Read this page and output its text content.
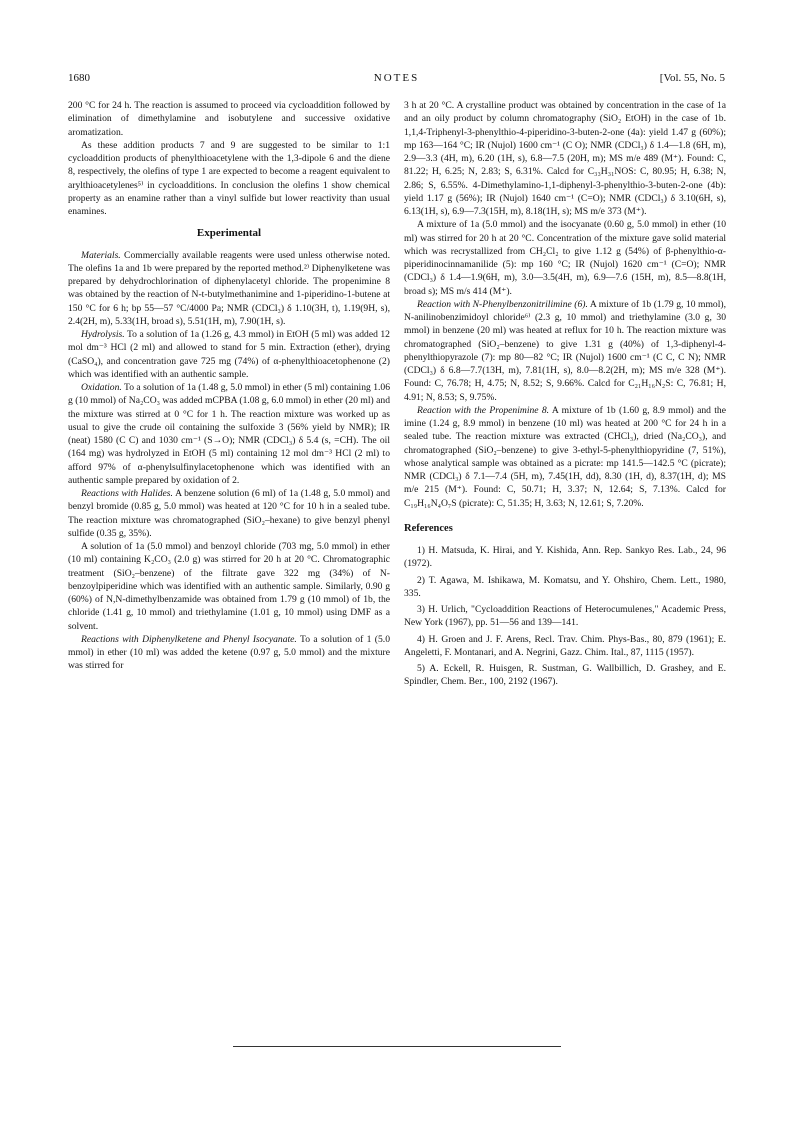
1680	NOTES	[Vol. 55, No. 5

200 °C for 24 h. The reaction is assumed to proceed via cycloaddition followed by elimination of dimethylamine and isobutylene and successive oxidative aromatization.

As these addition products 7 and 9 are suggested to be similar to 1:1 cycloaddition products of phenylthioacetylene with the 1,3-dipole 6 and the diene 8, respectively, the olefins of type 1 are expected to become a reagent equivalent to arylthioacetylenes⁵⁾ in cycloadditions. In conclusion the olefins 1 show chemical property as an enamine rather than a vinyl sulfide but lower reactivity than usual enamines.

Experimental

Materials. Commercially available reagents were used unless otherwise noted. The olefins 1a and 1b were prepared by the reported method.²⁾ Diphenylketene was prepared by dehydrochlorination of diphenylacetyl chloride. The propeniminе 8 was obtained by the reaction of N-t-butylmethanimine and 1-piperidino-1-butene at 150 °C for 6 h; bp 55—57 °C/4000 Pa; NMR (CDCl₃) δ 1.10(3H, t), 1.19(9H, s), 2.4(2H, m), 5.33(1H, broad s), 5.51(1H, m), 7.90(1H, s).

Hydrolysis. To a solution of 1a (1.26 g, 4.3 mmol) in EtOH (5 ml) was added 12 mol dm⁻³ HCl (2 ml) and allowed to stand for 5 min. Extraction (ether), drying (CaSO₄), and concentration gave 725 mg (74%) of α-phenylthioacetophenone (2) which was identified with an authentic sample.

Oxidation. To a solution of 1a (1.48 g, 5.0 mmol) in ether (5 ml) containing 1.06 g (10 mmol) of Na₂CO₃ was added mCPBA (1.08 g, 6.0 mmol) in ether (20 ml) and the mixture was stirred at 0 °C for 1 h. The reaction mixture was worked up as usual to give the crude oil containing the sulfoxide 3 (56% yield by NMR); IR (neat) 1580 (C C) and 1030 cm⁻¹ (S→O); NMR (CDCl₃) δ 5.4 (s, =CH). The oil (164 mg) was hydrolyzed in EtOH (5 ml) containing 12 mol dm⁻³ HCl (2 ml) to afford 97% of α-phenylsulfinylacetophenone which was identified with an authentic sample prepared by oxidation of 2.

Reactions with Halides. A benzene solution (6 ml) of 1a (1.48 g, 5.0 mmol) and benzyl bromide (0.85 g, 5.0 mmol) was heated at 120 °C for 10 h in a sealed tube. The reaction mixture was chromatographed (SiO₂–hexane) to give benzyl phenyl sulfide (0.35 g, 35%).

A solution of 1a (5.0 mmol) and benzoyl chloride (703 mg, 5.0 mmol) in ether (10 ml) containing K₂CO₃ (2.0 g) was stirred for 20 h at 20 °C. Chromatographic treatment (SiO₂–benzene) of the filtrate gave 322 mg (34%) of N-benzoylpiperidine which was identified with an authentic sample. Similarly, 0.90 g (60%) of N,N-dimethylbenzamide was obtained from 1.79 g (10 mmol) of 1b, the chloride (1.41 g, 10 mmol) and triethylamine (1.01 g, 10 mmol) using DMF as a solvent.

Reactions with Diphenylketene and Phenyl Isocyanate. To a solution of 1 (5.0 mmol) in ether (10 ml) was added the ketene (0.97 g, 5.0 mmol) and the mixture was stirred for

3 h at 20 °C. A crystalline product was obtained by concentration in the case of 1a and an oily product by column chromatography (SiO₂ EtOH) in the case of 1b. 1,1,4-Triphenyl-3-phenylthio-4-piperidino-3-buten-2-one (4a): yield 1.47 g (60%); mp 163—164 °C; IR (Nujol) 1600 cm⁻¹ (C O); NMR (CDCl₃) δ 1.4—1.8 (6H, m), 2.9—3.3 (4H, m), 6.20 (1H, s), 6.8—7.5 (20H, m); MS m/e 489 (M⁺). Found: C, 81.22; H, 6.25; N, 2.83; S, 6.31%. Calcd for C₃₃H₃₁NOS: C, 80.95; H, 6.38; N, 2.86; S, 6.55%. 4-Dimethylamino-1,1-diphenyl-3-phenylthio-3-buten-2-one (4b): yield 1.17 g (56%); IR (Nujol) 1640 cm⁻¹ (C=O); NMR (CDCl₃) δ 3.10(6H, s), 6.13(1H, s), 6.9—7.3(15H, m), 8.18(1H, s); MS m/e 373 (M⁺).

A mixture of 1a (5.0 mmol) and the isocyanate (0.60 g, 5.0 mmol) in ether (10 ml) was stirred for 20 h at 20 °C. Concentration of the mixture gave solid material which was recrystallized from CH₂Cl₂ to give 1.12 g (54%) of β-phenylthio-α-piperidinocinnamanilide (5): mp 160 °C; IR (Nujol) 1620 cm⁻¹ (C=O); NMR (CDCl₃) δ 1.4—1.9(6H, m), 3.0—3.5(4H, m), 6.9—7.6 (15H, m), 8.5—8.8(1H, broad s); MS m/s 414 (M⁺).

Reaction with N-Phenylbenzonitrilimine (6). A mixture of 1b (1.79 g, 10 mmol), N-anilinobenzimidoyl chloride⁶⁾ (2.3 g, 10 mmol) and triethylamine (3.0 g, 30 mmol) in benzene (20 ml) was heated at reflux for 10 h. The reaction mixture was chromatographed (SiO₂–benzene) to give 1.31 g (40%) of 1,3-diphenyl-4-phenylthiopyrazole (7): mp 80—82 °C; IR (Nujol) 1600 cm⁻¹ (C C, C N); NMR (CDCl₃) δ 6.8—7.7(13H, m), 7.81(1H, s), 8.0—8.2(2H, m); MS m/e 328 (M⁺). Found: C, 76.78; H, 4.75; N, 8.52; S, 9.66%. Calcd for C₂₁H₁₆N₂S: C, 76.81; H, 4.91; N, 8.53; S, 9.75%.

Reaction with the Propenimine 8. A mixture of 1b (1.60 g, 8.9 mmol) and the imine (1.24 g, 8.9 mmol) in benzene (10 ml) was heated at 200 °C for 24 h in a sealed tube. The reaction mixture was extracted (CHCl₃), dried (Na₂CO₃), and chromatographed (SiO₂–benzene) to give 3-ethyl-5-phenylthiopyridine (7, 51%), whose analytical sample was obtained as a picrate: mp 141.5—142.5 °C (picrate); NMR (CDCl₃) δ 7.1—7.4 (5H, m), 7.45(1H, dd), 8.30 (1H, d), 8.37(1H, d); MS m/e 215 (M⁺). Found: C, 50.71; H, 3.37; N, 12.64; S, 7.13%. Calcd for C₁₉H₁₆N₄O₇S (picrate): C, 51.35; H, 3.63; N, 12.61; S, 7.20%.

References

1) H. Matsuda, K. Hirai, and Y. Kishida, Ann. Rep. Sankyo Res. Lab., 24, 96 (1972).

2) T. Agawa, M. Ishikawa, M. Komatsu, and Y. Ohshiro, Chem. Lett., 1980, 335.

3) H. Urlich, "Cycloaddition Reactions of Heterocumulenes," Academic Press, New York (1967), pp. 51—56 and 139—141.

4) H. Groen and J. F. Arens, Recl. Trav. Chim. Phys-Bas., 80, 879 (1961); E. Angeletti, F. Montanari, and A. Negrini, Gazz. Chim. Ital., 87, 1115 (1957).

5) A. Eckell, R. Huisgen, R. Sustman, G. Wallbillich, D. Grashey, and E. Spindler, Chem. Ber., 100, 2192 (1967).
